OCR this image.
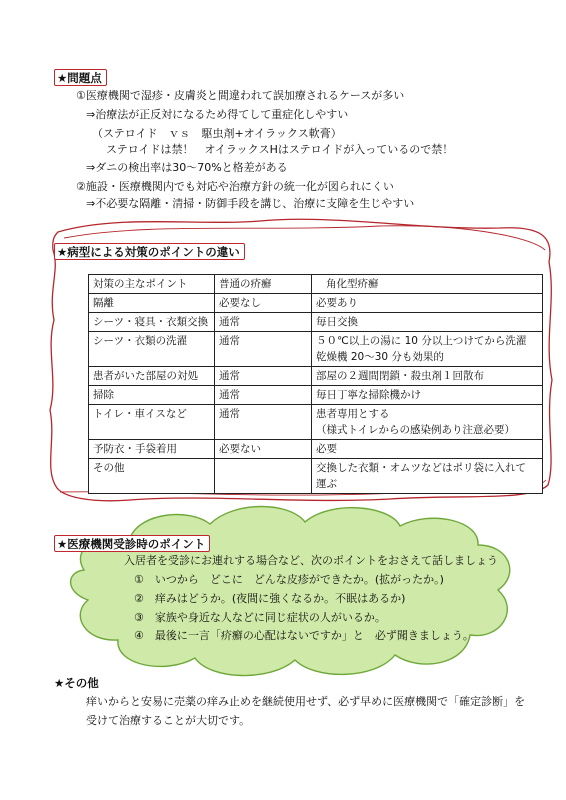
★問題点
①医療機関で湿疹・皮膚炎と間違われて誤加療されるケースが多い
⇒治療法が正反対になるため得てして重症化しやすい
（ステロイド　ｖｓ　駆虫剤+オイラックス軟膏）
ステロイドは禁！　オイラックスHはステロイドが入っているので禁！
⇒ダニの検出率は30～70%と格差がある
②施設・医療機関内でも対応や治療方針の統一化が図られにくい
⇒不必要な隔離・清掃・防御手段を講じ、治療に支障を生じやすい
★病型による対策のポイントの違い
対策の主なポイント	普通の疥癬	角化型疥癬
隔離	必要なし	必要あり
シーツ・寝具・衣類交換	通常	毎日交換
シーツ・衣類の洗濯	通常	５０℃以上の湯に 10 分以上つけてから洗濯
乾燥機 20～30 分も効果的
患者がいた部屋の対処	通常	部屋の２週間閉鎖・殺虫剤１回散布
掃除	通常	毎日丁寧な掃除機かけ
トイレ・車イスなど	通常	患者専用とする
（様式トイレからの感染例あり注意必要）
予防衣・手袋着用	必要ない	必要
その他		交換した衣類・オムツなどはポリ袋に入れて
運ぶ
★医療機関受診時のポイント
入居者を受診にお連れする場合など、次のポイントをおさえて話しましょう
①　いつから　どこに　どんな皮疹ができたか。(拡がったか。)
②　痒みはどうか。(夜間に強くなるか。不眠はあるか)
③　家族や身近な人などに同じ症状の人がいるか。
④　最後に一言「疥癬の心配はないですか」と　必ず聞きましょう。
★その他
痒いからと安易に売薬の痒み止めを継続使用せず、必ず早めに医療機関で「確定診断」を
受けて治療することが大切です。
